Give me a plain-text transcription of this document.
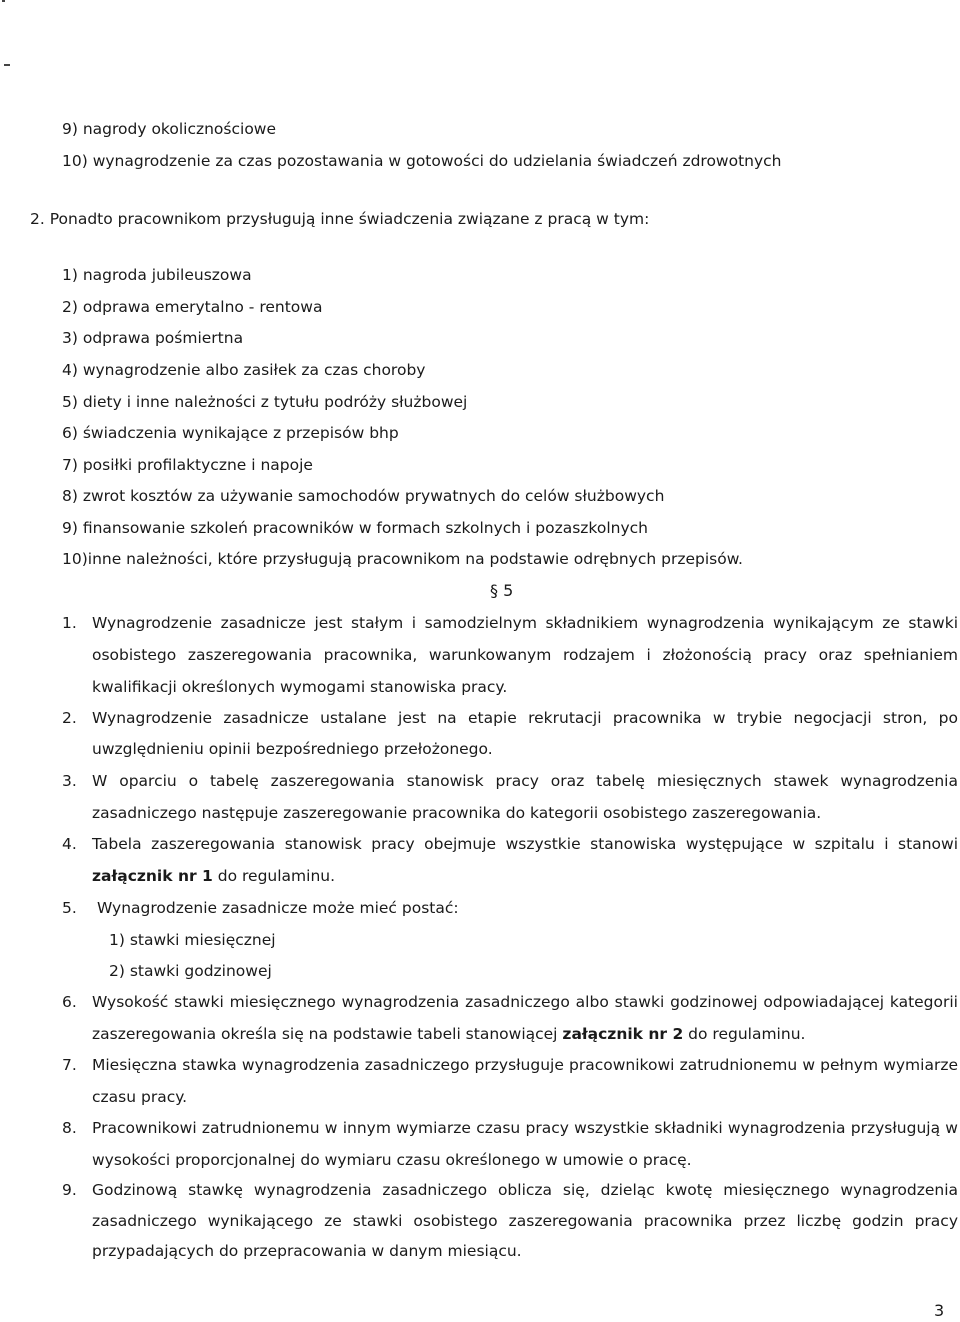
9) nagrody okolicznościowe
10) wynagrodzenie za czas pozostawania w gotowości do udzielania świadczeń zdrowotnych
2. Ponadto pracownikom przysługują inne świadczenia związane z pracą w tym:
1) nagroda jubileuszowa
2) odprawa emerytalno - rentowa
3) odprawa pośmiertna
4) wynagrodzenie albo zasiłek za czas choroby
5) diety i inne należności z tytułu podróży służbowej
6) świadczenia wynikające z przepisów bhp
7) posiłki profilaktyczne i napoje
8) zwrot kosztów za używanie samochodów prywatnych do celów służbowych
9) finansowanie szkoleń pracowników w formach szkolnych i pozaszkolnych
10)inne należności, które przysługują pracownikom na podstawie odrębnych przepisów.
§ 5
1. Wynagrodzenie zasadnicze jest stałym i samodzielnym składnikiem wynagrodzenia wynikającym ze stawki
osobistego zaszeregowania pracownika, warunkowanym rodzajem i złożonością pracy oraz spełnianiem
kwalifikacji określonych wymogami stanowiska pracy.
2. Wynagrodzenie zasadnicze ustalane jest na etapie rekrutacji pracownika w trybie negocjacji stron, po
uwzględnieniu opinii bezpośredniego przełożonego.
3. W oparciu o tabelę zaszeregowania stanowisk pracy oraz tabelę miesięcznych stawek wynagrodzenia
zasadniczego następuje zaszeregowanie pracownika do kategorii osobistego zaszeregowania.
4. Tabela zaszeregowania stanowisk pracy obejmuje wszystkie stanowiska występujące w szpitalu i stanowi
załącznik nr 1 do regulaminu.
5. Wynagrodzenie zasadnicze może mieć postać:
1) stawki miesięcznej
2) stawki godzinowej
6. Wysokość stawki miesięcznego wynagrodzenia zasadniczego albo stawki godzinowej odpowiadającej kategorii
zaszeregowania określa się na podstawie tabeli stanowiącej załącznik nr 2 do regulaminu.
7. Miesięczna stawka wynagrodzenia zasadniczego przysługuje pracownikowi zatrudnionemu w pełnym wymiarze
czasu pracy.
8. Pracownikowi zatrudnionemu w innym wymiarze czasu pracy wszystkie składniki wynagrodzenia przysługują w
wysokości proporcjonalnej do wymiaru czasu określonego w umowie o pracę.
9. Godzinową stawkę wynagrodzenia zasadniczego oblicza się, dzieląc kwotę miesięcznego wynagrodzenia
zasadniczego wynikającego ze stawki osobistego zaszeregowania pracownika przez liczbę godzin pracy
przypadających do przepracowania w danym miesiącu.
3
